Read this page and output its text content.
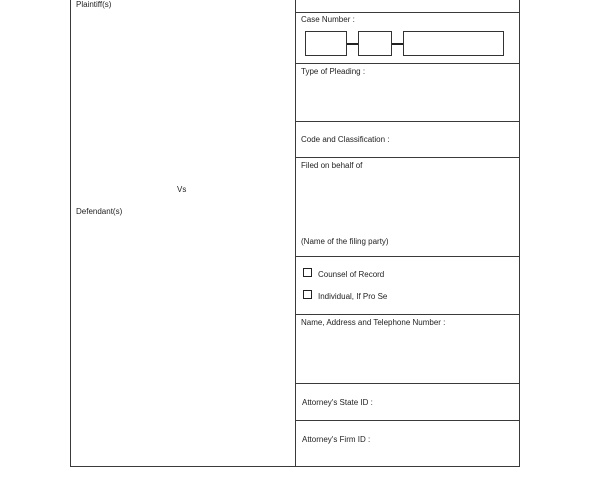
Plaintiff(s)
Vs
Defendant(s)
Case Number :
Type of Pleading :
Code and Classification :
Filed on behalf of
(Name of the filing party)
Counsel of Record
Individual, If Pro Se
Name, Address and Telephone Number :
Attorney's State ID :
Attorney's Firm ID :
